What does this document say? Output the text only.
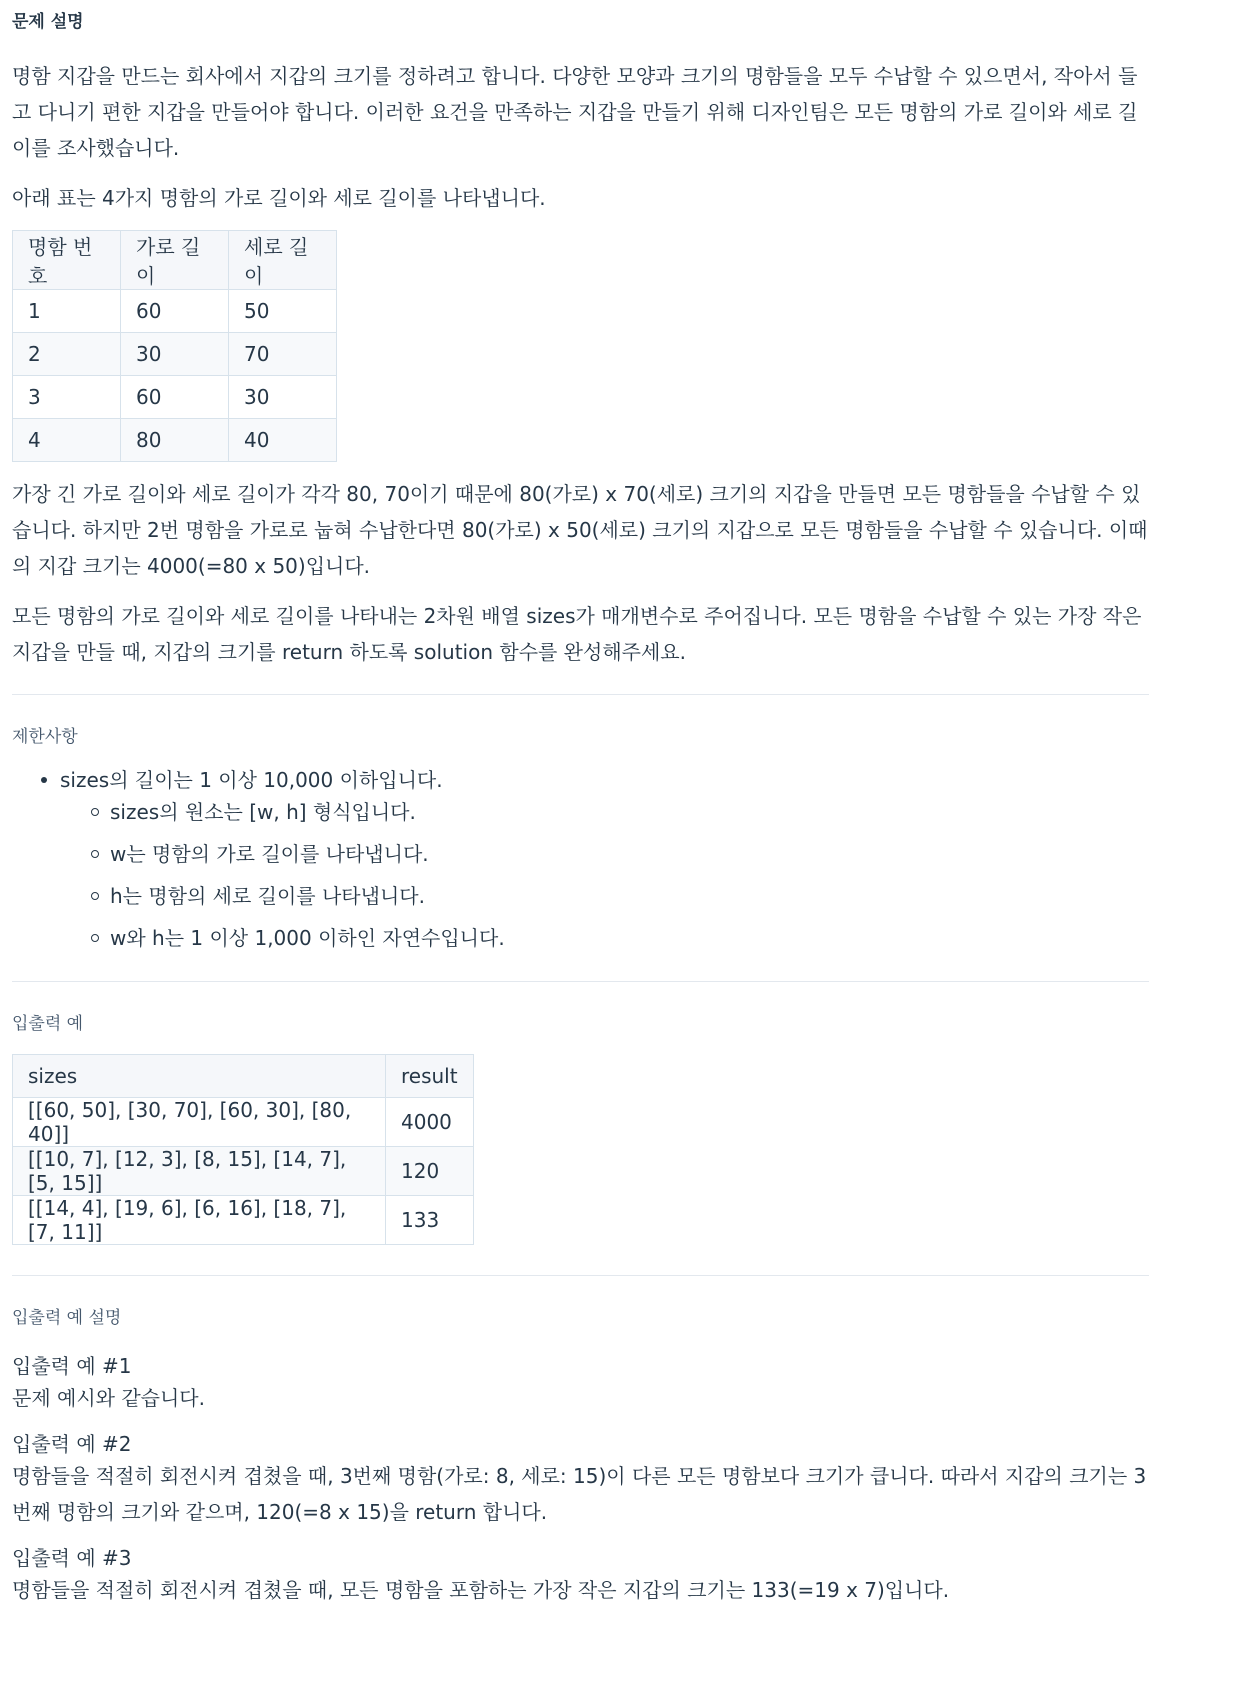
문제 설명

명함 지갑을 만드는 회사에서 지갑의 크기를 정하려고 합니다. 다양한 모양과 크기의 명함들을 모두 수납할 수 있으면서, 작아서 들고 다니기 편한 지갑을 만들어야 합니다. 이러한 요건을 만족하는 지갑을 만들기 위해 디자인팀은 모든 명함의 가로 길이와 세로 길이를 조사했습니다.

아래 표는 4가지 명함의 가로 길이와 세로 길이를 나타냅니다.

명함 번호	가로 길이	세로 길이
1	60	50
2	30	70
3	60	30
4	80	40

가장 긴 가로 길이와 세로 길이가 각각 80, 70이기 때문에 80(가로) x 70(세로) 크기의 지갑을 만들면 모든 명함들을 수납할 수 있습니다. 하지만 2번 명함을 가로로 눕혀 수납한다면 80(가로) x 50(세로) 크기의 지갑으로 모든 명함들을 수납할 수 있습니다. 이때의 지갑 크기는 4000(=80 x 50)입니다.

모든 명함의 가로 길이와 세로 길이를 나타내는 2차원 배열 sizes가 매개변수로 주어집니다. 모든 명함을 수납할 수 있는 가장 작은 지갑을 만들 때, 지갑의 크기를 return 하도록 solution 함수를 완성해주세요.

제한사항
sizes의 길이는 1 이상 10,000 이하입니다.
sizes의 원소는 [w, h] 형식입니다.
w는 명함의 가로 길이를 나타냅니다.
h는 명함의 세로 길이를 나타냅니다.
w와 h는 1 이상 1,000 이하인 자연수입니다.
입출력 예
sizes	result
[[60, 50], [30, 70], [60, 30], [80, 40]]	4000
[[10, 7], [12, 3], [8, 15], [14, 7], [5, 15]]	120
[[14, 4], [19, 6], [6, 16], [18, 7], [7, 11]]	133
입출력 예 설명

입출력 예 #1

문제 예시와 같습니다.

입출력 예 #2

명함들을 적절히 회전시켜 겹쳤을 때, 3번째 명함(가로: 8, 세로: 15)이 다른 모든 명함보다 크기가 큽니다. 따라서 지갑의 크기는 3번째 명함의 크기와 같으며, 120(=8 x 15)을 return 합니다.

입출력 예 #3

명함들을 적절히 회전시켜 겹쳤을 때, 모든 명함을 포함하는 가장 작은 지갑의 크기는 133(=19 x 7)입니다.
